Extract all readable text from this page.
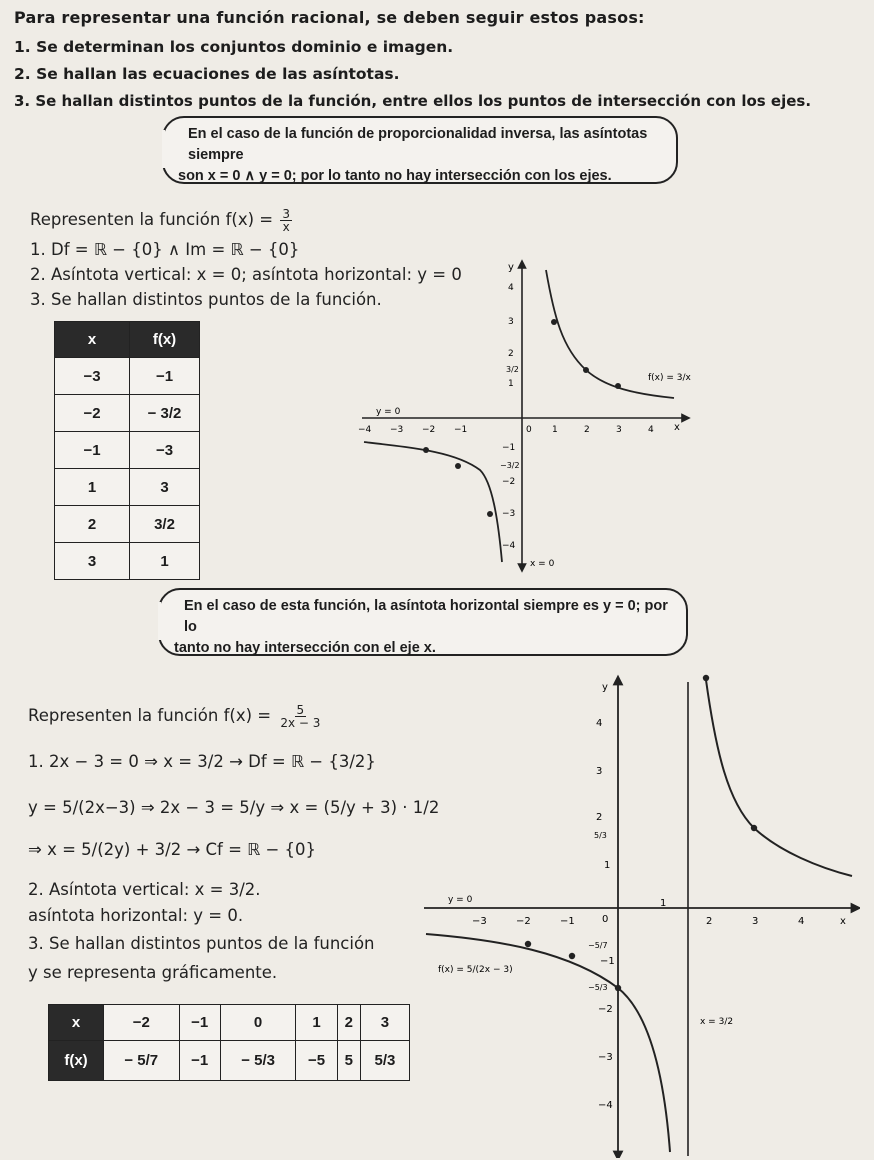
Para representar una función racional, se deben seguir estos pasos:
1. Se determinan los conjuntos dominio e imagen.
2. Se hallan las ecuaciones de las asíntotas.
3. Se hallan distintos puntos de la función, entre ellos los puntos de intersección con los ejes.
En el caso de la función de proporcionalidad inversa, las asíntotas siempre
son x = 0 ∧ y = 0; por lo tanto no hay intersección con los ejes.
Representen la función $f(x) = \frac{3}{x}$
1. Df = ℝ − {0} ∧ Im = ℝ − {0}
2. Asíntota vertical: x = 0; asíntota horizontal: y = 0
3. Se hallan distintos puntos de la función.
x	f(x)
−3	−1
−2	− 3/2
−1	−3
1	3
2	3/2
3	1
y
x
−4 −3 −2 −1	0 1	2	3	4
4
3
2
1
−1
−2
−3
−4
3/2
−3/2
y = 0
x = 0
f(x) = 3/x
En el caso de esta función, la asíntota horizontal siempre es y = 0; por lo
tanto no hay intersección con el eje x.
Representen la función $f(x) = \frac{5}{2x - 3}$
1. 2x − 3 = 0 ⇒ x = 3/2 → Df = ℝ − {3/2}
y = 5/(2x−3) ⇒ 2x − 3 = 5/y ⇒ x = (5/y + 3) · 1/2
⇒ x = 5/(2y) + 3/2 → Cf = ℝ − {0}
2. Asíntota vertical: x = 3/2.
asíntota horizontal: y = 0.
3. Se hallan distintos puntos de la función
y se representa gráficamente.
x	−2	−1	0	1	2	3
f(x)	− 5/7	−1	− 5/3	−5	5	5/3
y
x
−3	−2	−1	0
1
2	3	4
4
3
1
−1
−2
−3
−4
2
5/3
−5/7
−5/3
y = 0
x = 3/2
f(x) = 5/(2x − 3)
